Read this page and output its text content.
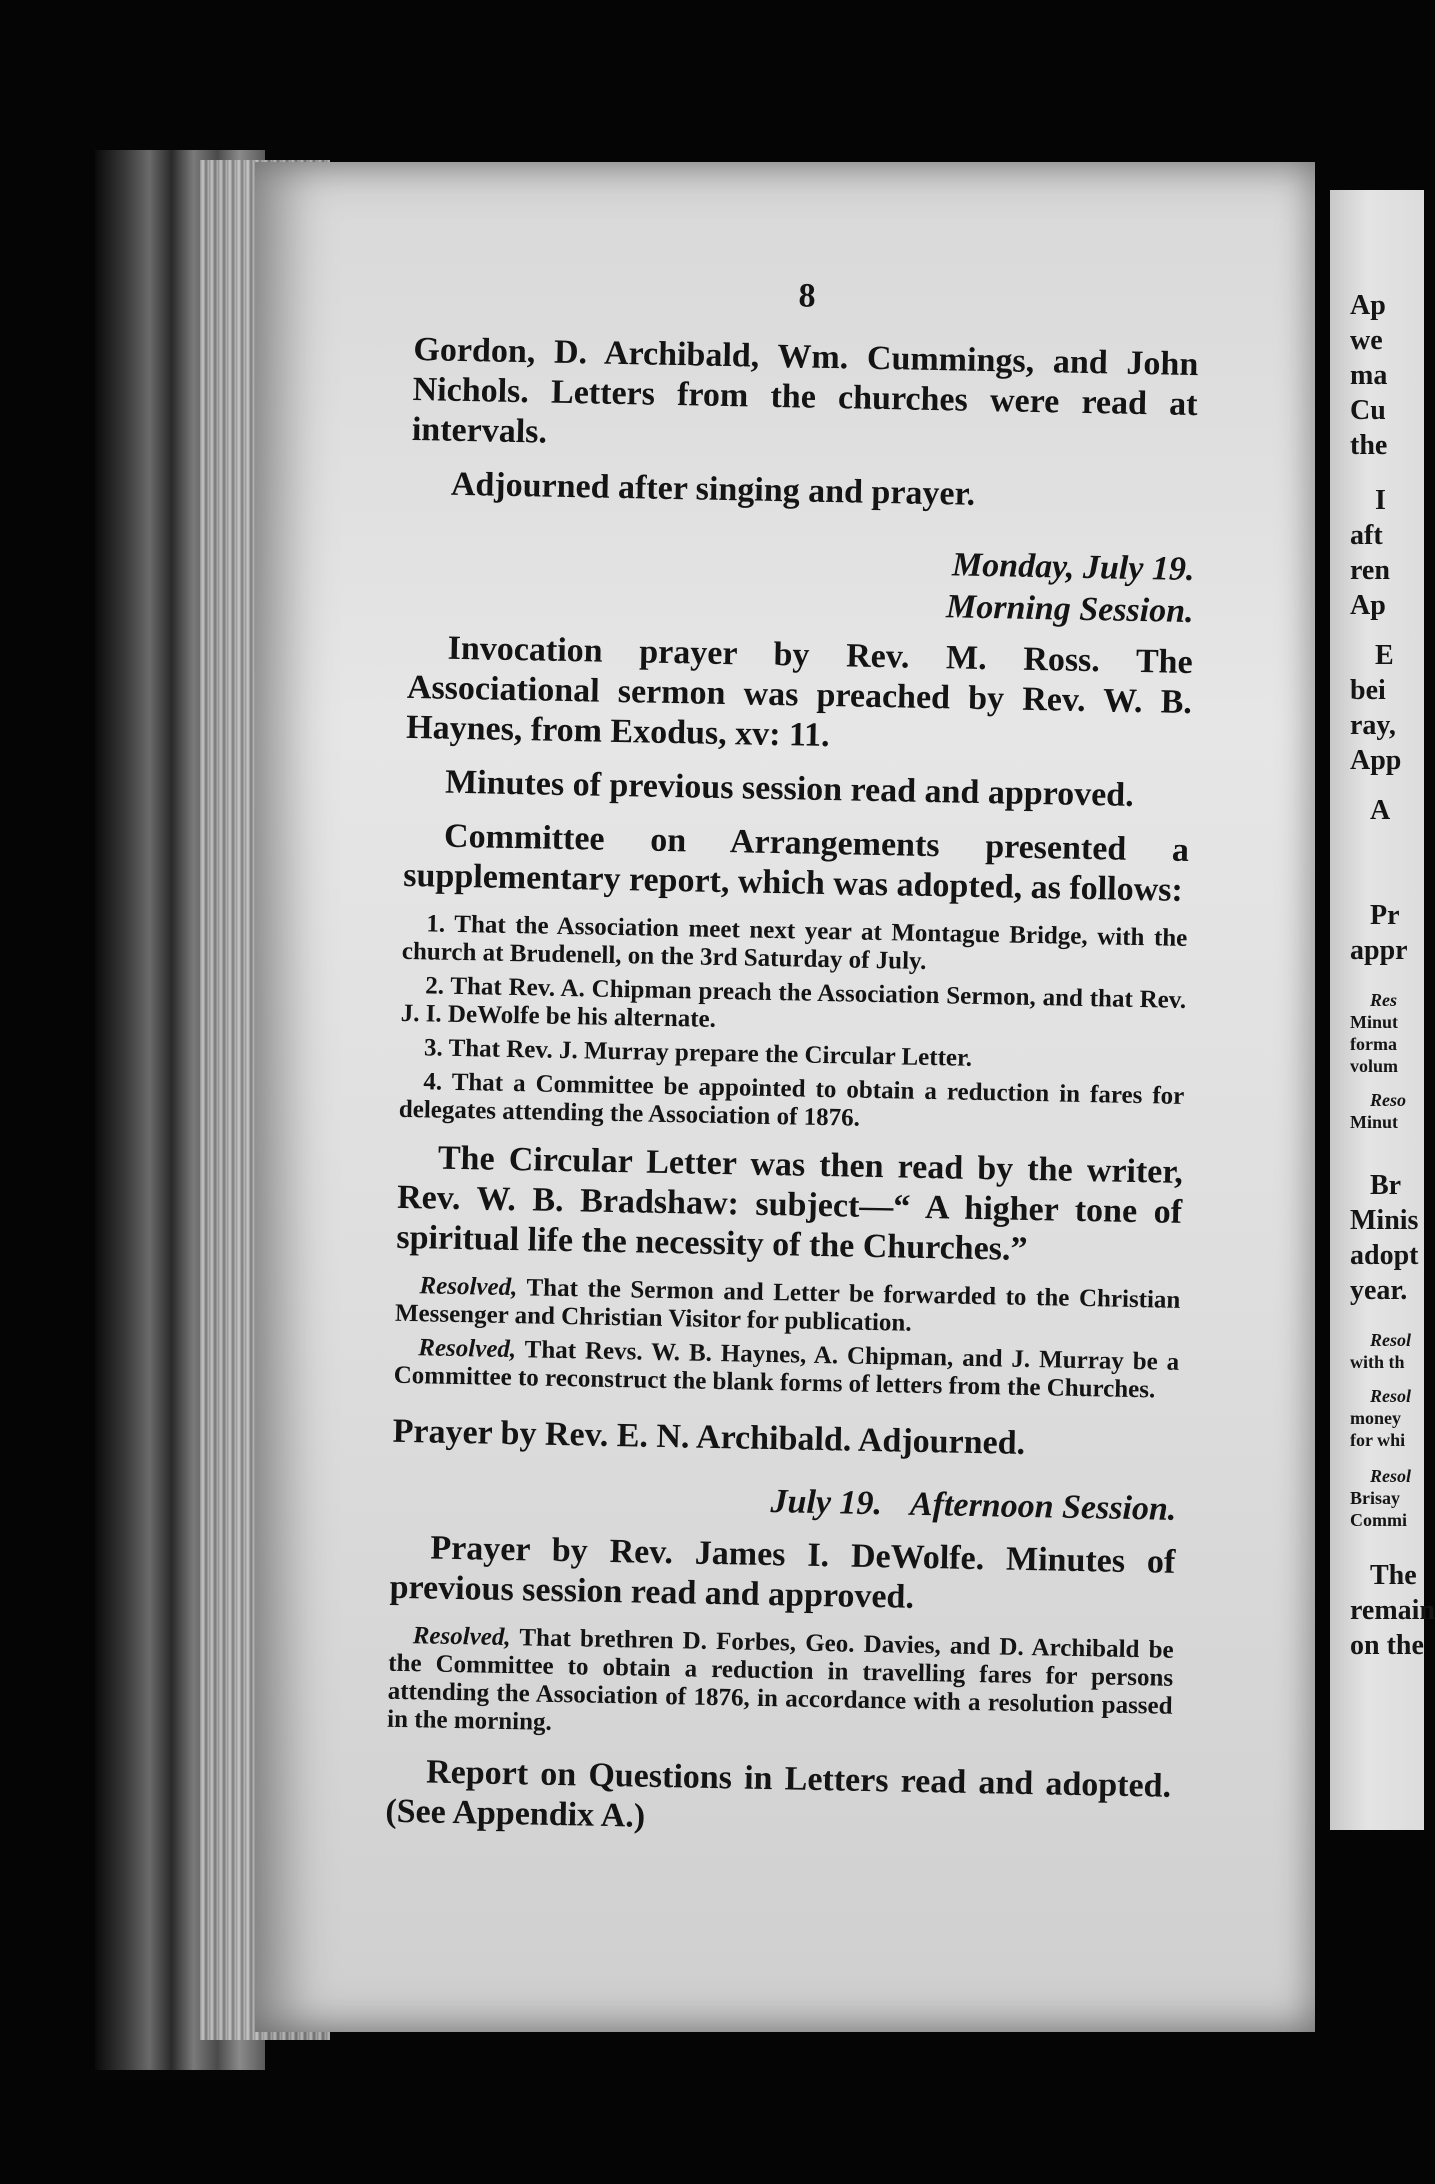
Ap
we
ma
Cu
the
I
aft
ren
Ap
E
bei
ray,
App
A
Pr
appr
Res
Minut
forma
volum
Reso
Minut
Br
Minis
adopt
year.
Resol
with th
Resol
money
for whi
Resol
Brisay
Commi
The
remain
on the
8

Gordon, D. Archibald, Wm. Cummings, and John Nichols. Letters from the churches were read at intervals.

Adjourned after singing and prayer.

Monday, July 19.

Morning Session.

Invocation prayer by Rev. M. Ross. The Associational sermon was preached by Rev. W. B. Haynes, from Exodus, xv: 11.

Minutes of previous session read and approved.

Committee on Arrangements presented a supplementary report, which was adopted, as follows:

1. That the Association meet next year at Montague Bridge, with the church at Brudenell, on the 3rd Saturday of July.

2. That Rev. A. Chipman preach the Association Sermon, and that Rev. J. I. DeWolfe be his alternate.

3. That Rev. J. Murray prepare the Circular Letter.

4. That a Committee be appointed to obtain a reduction in fares for delegates attending the Association of 1876.

The Circular Letter was then read by the writer, Rev. W. B. Bradshaw: subject—“ A higher tone of spiritual life the necessity of the Churches.”

Resolved, That the Sermon and Letter be forwarded to the Christian Messenger and Christian Visitor for publication.

Resolved, That Revs. W. B. Haynes, A. Chipman, and J. Murray be a Committee to reconstruct the blank forms of letters from the Churches.

Prayer by Rev. E. N. Archibald. Adjourned.

July 19. Afternoon Session.

Prayer by Rev. James I. DeWolfe. Minutes of previous session read and approved.

Resolved, That brethren D. Forbes, Geo. Davies, and D. Archibald be the Committee to obtain a reduction in travelling fares for persons attending the Association of 1876, in accordance with a resolution passed in the morning.

Report on Questions in Letters read and adopted. (See Appendix A.)
